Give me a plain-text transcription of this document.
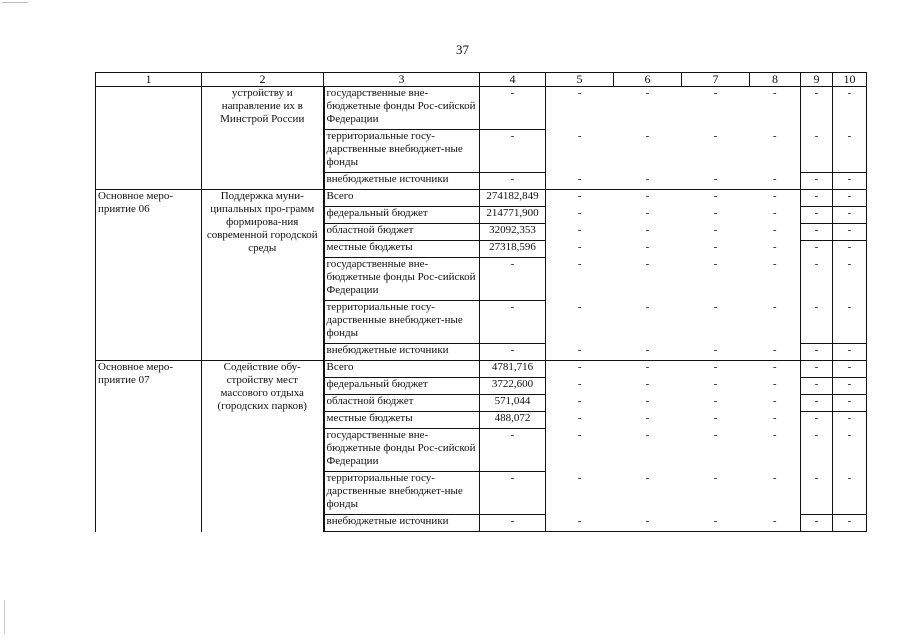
37
1	2	3	4	5	6	7	8	9	10
	устройству и направление их в Минстрой России	государственные вне-бюджетные фонды Рос-сийской Федерации	-	-	-	-	-	-	-
		территориальные госу-дарственные внебюджет-ные фонды	-	-	-	-	-	-	-
		внебюджетные источники	-	-	-	-	-	-	-
Основное меро-приятие 06	Поддержка муни-ципальных про-грамм формирова-ния современной городской среды	Всего	274182,849	-	-	-	-	-	-
		федеральный бюджет	214771,900	-	-	-	-	-	-
		областной бюджет	32092,353	-	-	-	-	-	-
		местные бюджеты	27318,596	-	-	-	-	-	-
		государственные вне-бюджетные фонды Рос-сийской Федерации	-	-	-	-	-	-	-
		территориальные госу-дарственные внебюджет-ные фонды	-	-	-	-	-	-	-
		внебюджетные источники	-	-	-	-	-	-	-
Основное меро-приятие 07	Содействие обу-стройству мест массового отдыха (городских парков)	Всего	4781,716	-	-	-	-	-	-
		федеральный бюджет	3722,600	-	-	-	-	-	-
		областной бюджет	571,044	-	-	-	-	-	-
		местные бюджеты	488,072	-	-	-	-	-	-
		государственные вне-бюджетные фонды Рос-сийской Федерации	-	-	-	-	-	-	-
		территориальные госу-дарственные внебюджет-ные фонды	-	-	-	-	-	-	-
		внебюджетные источники	-	-	-	-	-	-	-
